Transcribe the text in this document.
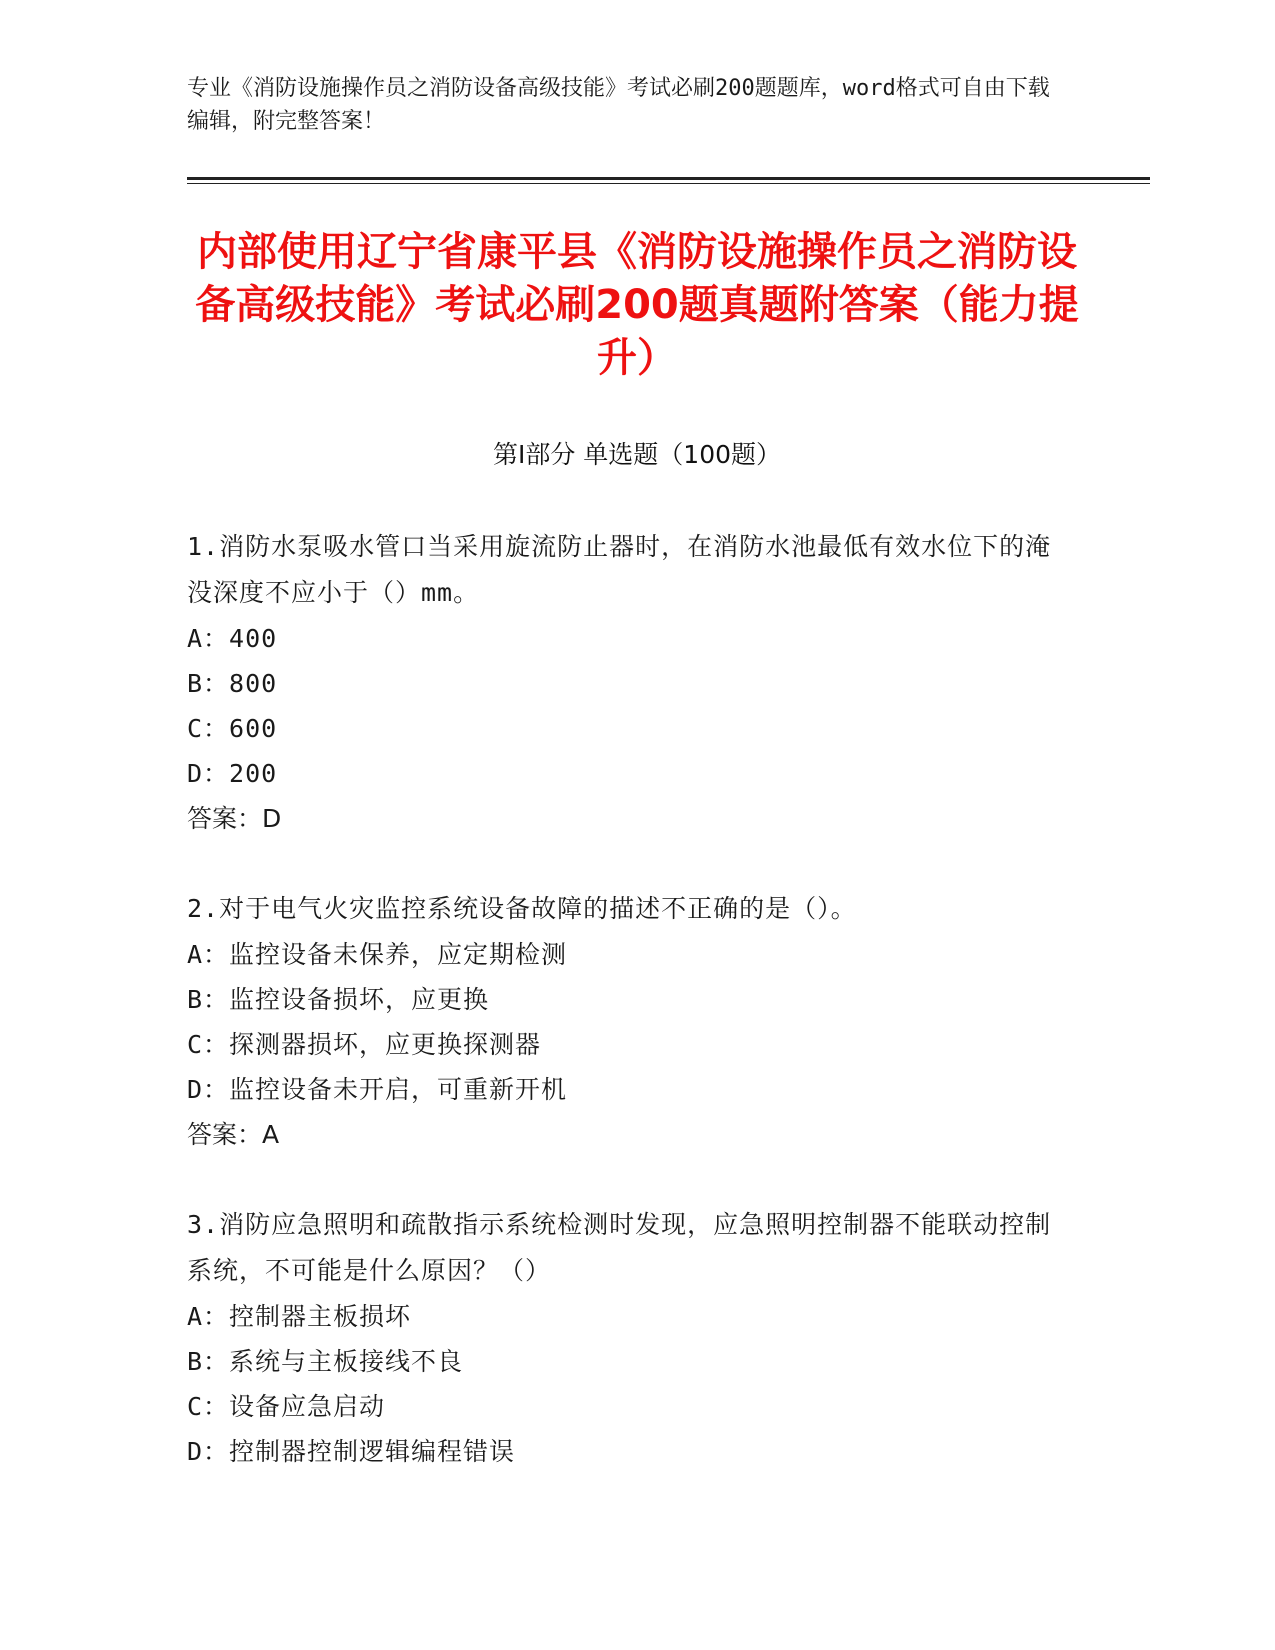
专业《消防设施操作员之消防设备高级技能》考试必刷200题题库，word格式可自由下载编辑，附完整答案！
内部使用辽宁省康平县《消防设施操作员之消防设备高级技能》考试必刷200题真题附答案（能力提升）
第Ⅰ部分 单选题（100题）
1.消防水泵吸水管口当采用旋流防止器时，在消防水池最低有效水位下的淹没深度不应小于（）mm。
A：400
B：800
C：600
D：200
答案：D
2.对于电气火灾监控系统设备故障的描述不正确的是（）。
A：监控设备未保养，应定期检测
B：监控设备损坏，应更换
C：探测器损坏，应更换探测器
D：监控设备未开启，可重新开机
答案：A
3.消防应急照明和疏散指示系统检测时发现，应急照明控制器不能联动控制系统，不可能是什么原因？（）
A：控制器主板损坏
B：系统与主板接线不良
C：设备应急启动
D：控制器控制逻辑编程错误
